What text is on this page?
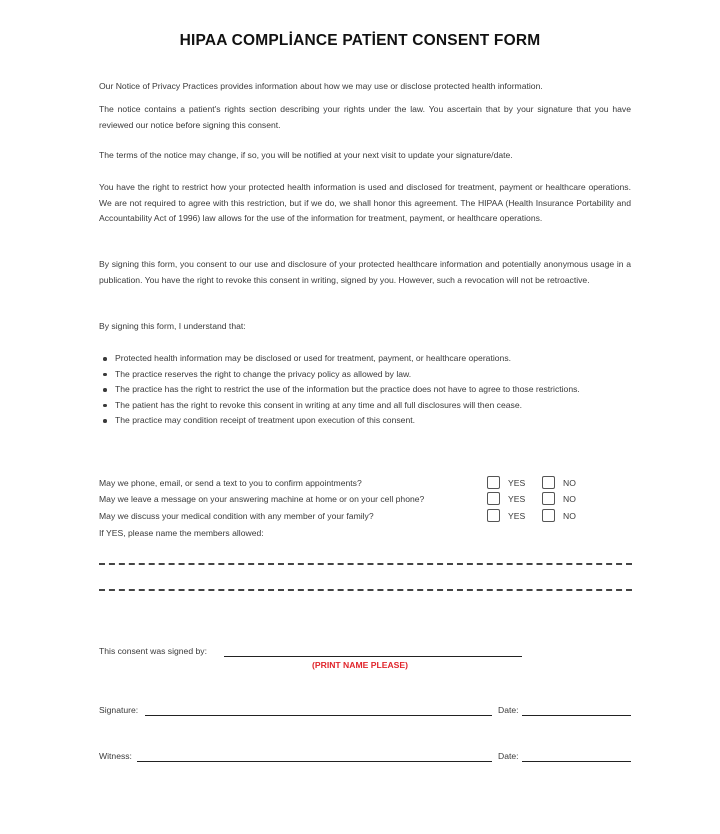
HIPAA COMPLİANCE PATİENT CONSENT FORM

Our Notice of Privacy Practices provides information about how we may use or disclose protected health information.

The notice contains a patient's rights section describing your rights under the law. You ascertain that by your signature that you have reviewed our notice before signing this consent.

The terms of the notice may change, if so, you will be notified at your next visit to update your signature/date.

You have the right to restrict how your protected health information is used and disclosed for treatment, payment or healthcare operations. We are not required to agree with this restriction, but if we do, we shall honor this agreement. The HIPAA (Health Insurance Portability and Accountability Act of 1996) law allows for the use of the information for treatment, payment, or healthcare operations.

By signing this form, you consent to our use and disclosure of your protected healthcare information and potentially anonymous usage in a publication. You have the right to revoke this consent in writing, signed by you. However, such a revocation will not be retroactive.

By signing this form, I understand that:

Protected health information may be disclosed or used for treatment, payment, or healthcare operations.
The practice reserves the right to change the privacy policy as allowed by law.
The practice has the right to restrict the use of the information but the practice does not have to agree to those restrictions.
The patient has the right to revoke this consent in writing at any time and all full disclosures will then cease.
The practice may condition receipt of treatment upon execution of this consent.
May we phone, email, or send a text to you to confirm appointments?	YES	NO
May we leave a message on your answering machine at home or on your cell phone?	YES	NO
May we discuss your medical condition with any member of your family?	YES	NO
If YES, please name the members allowed:
This consent was signed by:
(PRINT NAME PLEASE)
Signature:	Date:
Witness:	Date:
